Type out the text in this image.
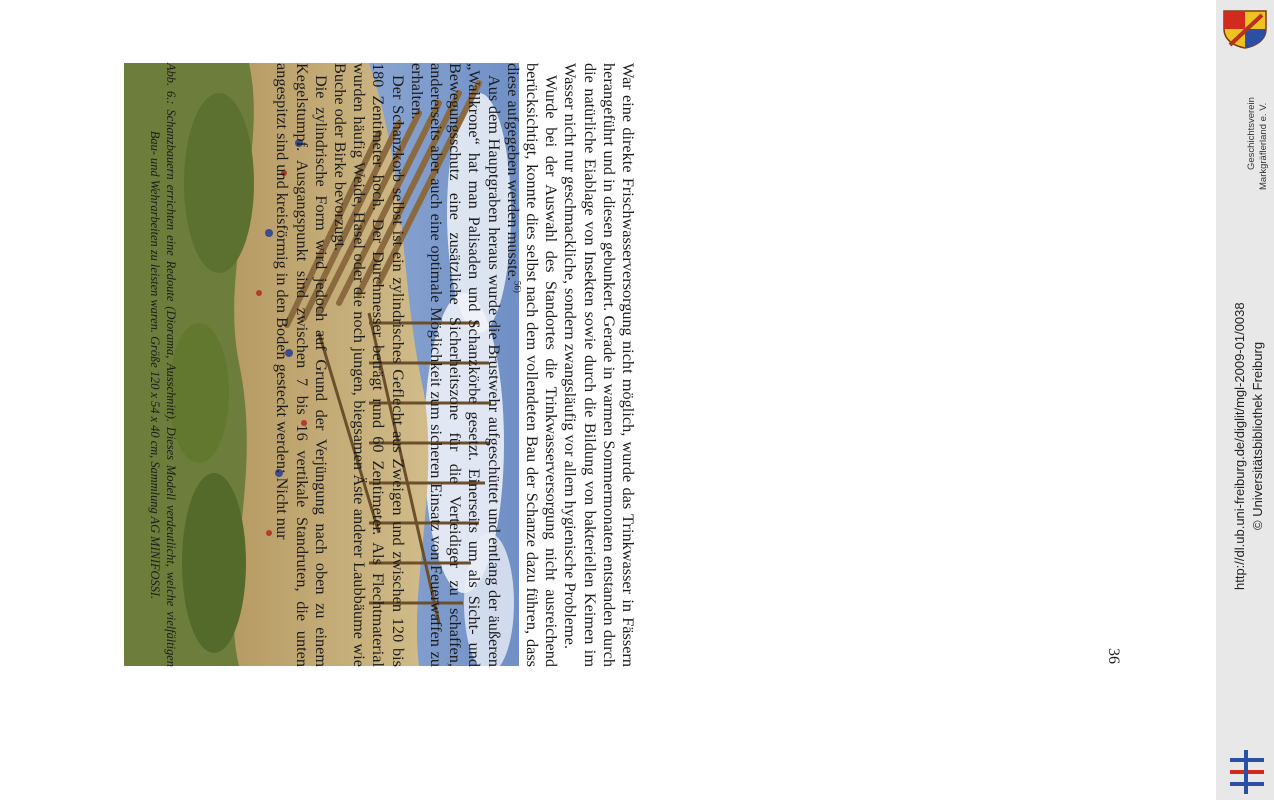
Abb. 6.: Schanzbauern errichten eine Redoute (Diorama, Ausschnitt). Dieses Modell verdeutlicht, welche vielfältigen Bau- und Wehrarbeiten zu leisten waren. Größe 120 x 54 x 40 cm, Sammlung AG MINIFOSSI.	War eine direkte Frischwasserversorgung nicht möglich, wurde das Trinkwasser in Fässern herangeführt und in diesen gebunkert. Gerade in warmen Sommermonaten entstanden durch die natürliche Eiablage von Insekten sowie durch die Bildung von bakteriellen Keimen im Wasser nicht nur geschmackliche, sondern zwangsläufig vor allem hygienische Probleme.

Wurde bei der Auswahl des Standortes die Trinkwasserversorgung nicht ausreichend berücksichtigt, konnte dies selbst nach dem vollendeten Bau der Schanze dazu führen, dass diese aufgegeben werden musste.$^{56)}$

Aus dem Hauptgraben heraus wurde die Brustwehr aufgeschüttet und entlang der äußeren „Wallkrone“ hat man Palisaden und Schanzkörbe gesetzt. Einerseits um als Sicht- und Bewegungsschutz eine zusätzliche Sicherheitszone für die Verteidiger zu schaffen, andererseits aber auch eine optimale Möglichkeit zum sicheren Einsatz von Feuerwaffen zu erhalten.

Der Schanzkorb selbst ist ein zylindrisches Geflecht aus Zweigen und zwischen 120 bis 180 Zentimeter hoch. Der Durchmesser beträgt rund 60 Zentimeter. Als Flechtmaterial wurden häufig Weide, Hasel oder die noch jungen, biegsamen Äste anderer Laubbäume wie Buche oder Birke bevorzugt.

Die zylindrische Form wird jedoch auf Grund der Verjüngung nach oben zu einem Kegelstumpf. Ausgangspunkt sind zwischen 7 bis 16 vertikale Standruten, die unten angespitzt sind und kreisförmig in den Boden gesteckt werden: Nicht nur

36
http://dl.ub.uni-freiburg.de/diglit/mgl-2009-01/0038 © Universitätsbibliothek Freiburg
